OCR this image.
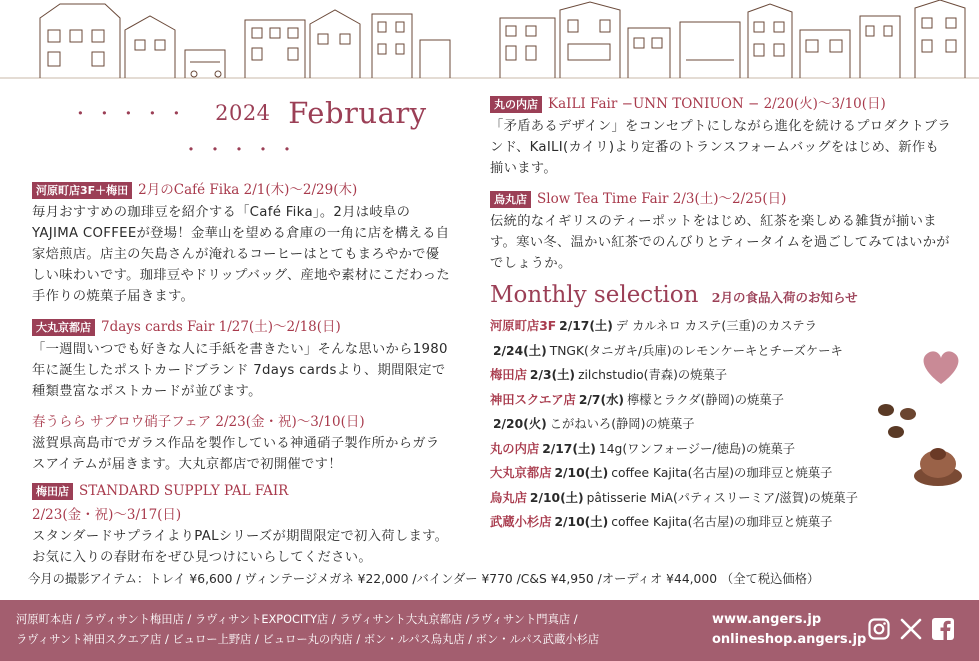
・・・・・ 2024 February ・・・・・
河原町店3F＋梅田 2月のCafé Fika 2/1(木)〜2/29(木)
毎月おすすめの珈琲豆を紹介する「Café Fika」。2月は岐阜のYAJIMA COFFEEが登場！金華山を望める倉庫の一角に店を構える自家焙煎店。店主の矢島さんが淹れるコーヒーはとてもまろやかで優しい味わいです。珈琲豆やドリップバッグ、産地や素材にこだわった手作りの焼菓子届きます。
大丸京都店 7days cards Fair 1/27(土)〜2/18(日)
「一週間いつでも好きな人に手紙を書きたい」そんな思いから1980年に誕生したポストカードブランド 7days cardsより、期間限定で種類豊富なポストカードが並びます。
春うらら サブロウ硝子フェア 2/23(金・祝)〜3/10(日)
滋賀県高島市でガラス作品を製作している神通硝子製作所からガラスアイテムが届きます。大丸京都店で初開催です！
梅田店 STANDARD SUPPLY PAL FAIR
2/23(金・祝)〜3/17(日)
スタンダードサプライよりPALシリーズが期間限定で初入荷します。お気に入りの春財布をぜひ見つけにいらしてください。
丸の内店 KaILI Fair −UNN TONIUON − 2/20(火)〜3/10(日)
「矛盾あるデザイン」をコンセプトにしながら進化を続けるプロダクトブランド、KaILI(カイリ)より定番のトランスフォームバッグをはじめ、新作も揃います。
烏丸店 Slow Tea Time Fair 2/3(土)〜2/25(日)
伝統的なイギリスのティーポットをはじめ、紅茶を楽しめる雑貨が揃います。寒い冬、温かい紅茶でのんびりとティータイムを過ごしてみてはいかがでしょうか。
Monthly selection 2月の食品入荷のお知らせ
河原町店3F 2/17(土) デ カルネロ カステ(三重)のカステラ
2/24(土) TNGK(タニガキ/兵庫)のレモンケーキとチーズケーキ
梅田店 2/3(土) zilchstudio(青森)の焼菓子
神田スクエア店 2/7(水) 檸檬とラクダ(静岡)の焼菓子
2/20(火) こがねいろ(静岡)の焼菓子
丸の内店 2/17(土) 14g(ワンフォージー/徳島)の焼菓子
大丸京都店 2/10(土) coffee Kajita(名古屋)の珈琲豆と焼菓子
烏丸店 2/10(土) pâtisserie MiA(パティスリーミア/滋賀)の焼菓子
武蔵小杉店 2/10(土) coffee Kajita(名古屋)の珈琲豆と焼菓子
今月の撮影アイテム：トレイ ¥6,600 / ヴィンテージメガネ ¥22,000 /バインダー ¥770 /C&S ¥4,950 /オーディオ ¥44,000 （全て税込価格）
河原町本店 / ラヴィサント梅田店 / ラヴィサントEXPOCITY店 / ラヴィサント大丸京都店 /ラヴィサント門真店 /
ラヴィサント神田スクエア店 / ビュロー上野店 / ビュロー丸の内店 / ボン・ルパス烏丸店 / ボン・ルパス武蔵小杉店
www.angers.jp
onlineshop.angers.jp
